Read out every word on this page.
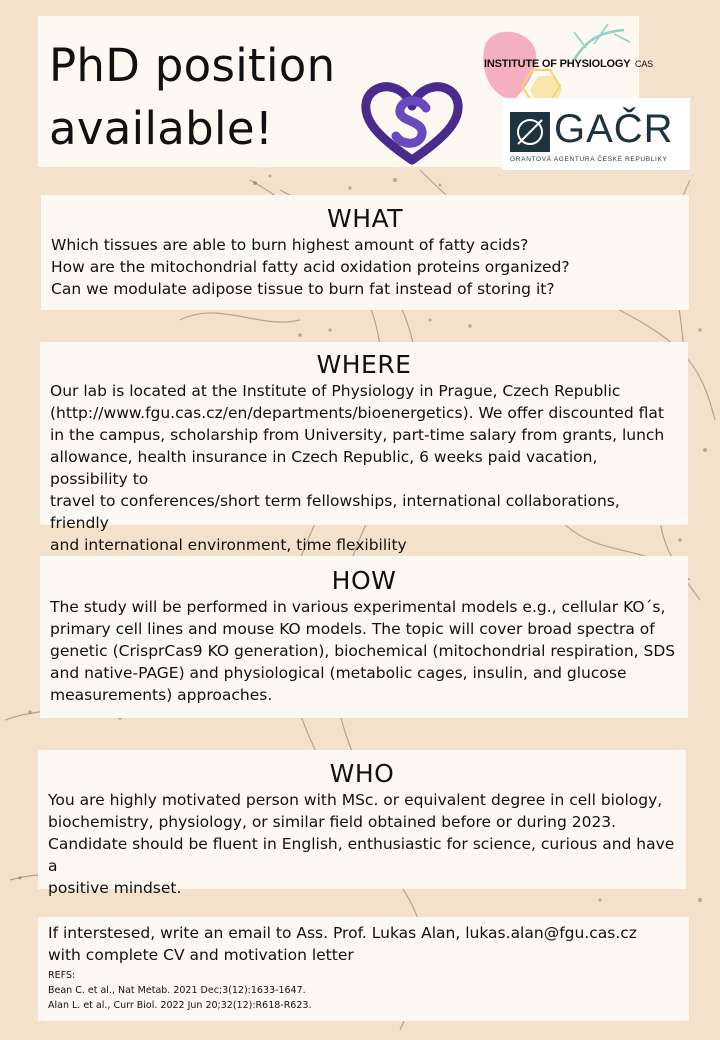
PhD position
available!
INSTITUTE OF PHYSIOLOGY CAS
GAČR
GRANTOVÁ AGENTURA ČESKÉ REPUBLIKY
WHAT
Which tissues are able to burn highest amount of fatty acids?
How are the mitochondrial fatty acid oxidation proteins organized?
Can we modulate adipose tissue to burn fat instead of storing it?
WHERE
Our lab is located at the Institute of Physiology in Prague, Czech Republic
(http://www.fgu.cas.cz/en/departments/bioenergetics). We offer discounted flat
in the campus, scholarship from University, part-time salary from grants, lunch
allowance, health insurance in Czech Republic, 6 weeks paid vacation, possibility to
travel to conferences/short term fellowships, international collaborations, friendly
and international environment, time flexibility
HOW
The study will be performed in various experimental models e.g., cellular KO´s,
primary cell lines and mouse KO models. The topic will cover broad spectra of
genetic (CrisprCas9 KO generation), biochemical (mitochondrial respiration, SDS
and native-PAGE) and physiological (metabolic cages, insulin, and glucose
measurements) approaches.
WHO
You are highly motivated person with MSc. or equivalent degree in cell biology,
biochemistry, physiology, or similar field obtained before or during 2023.
Candidate should be fluent in English, enthusiastic for science, curious and have a
positive mindset.

If interstesed, write an email to Ass. Prof. Lukas Alan, lukas.alan@fgu.cas.cz

with complete CV and motivation letter

REFS:
Bean C. et al., Nat Metab. 2021 Dec;3(12):1633-1647.
Alan L. et al., Curr Biol. 2022 Jun 20;32(12):R618-R623.
